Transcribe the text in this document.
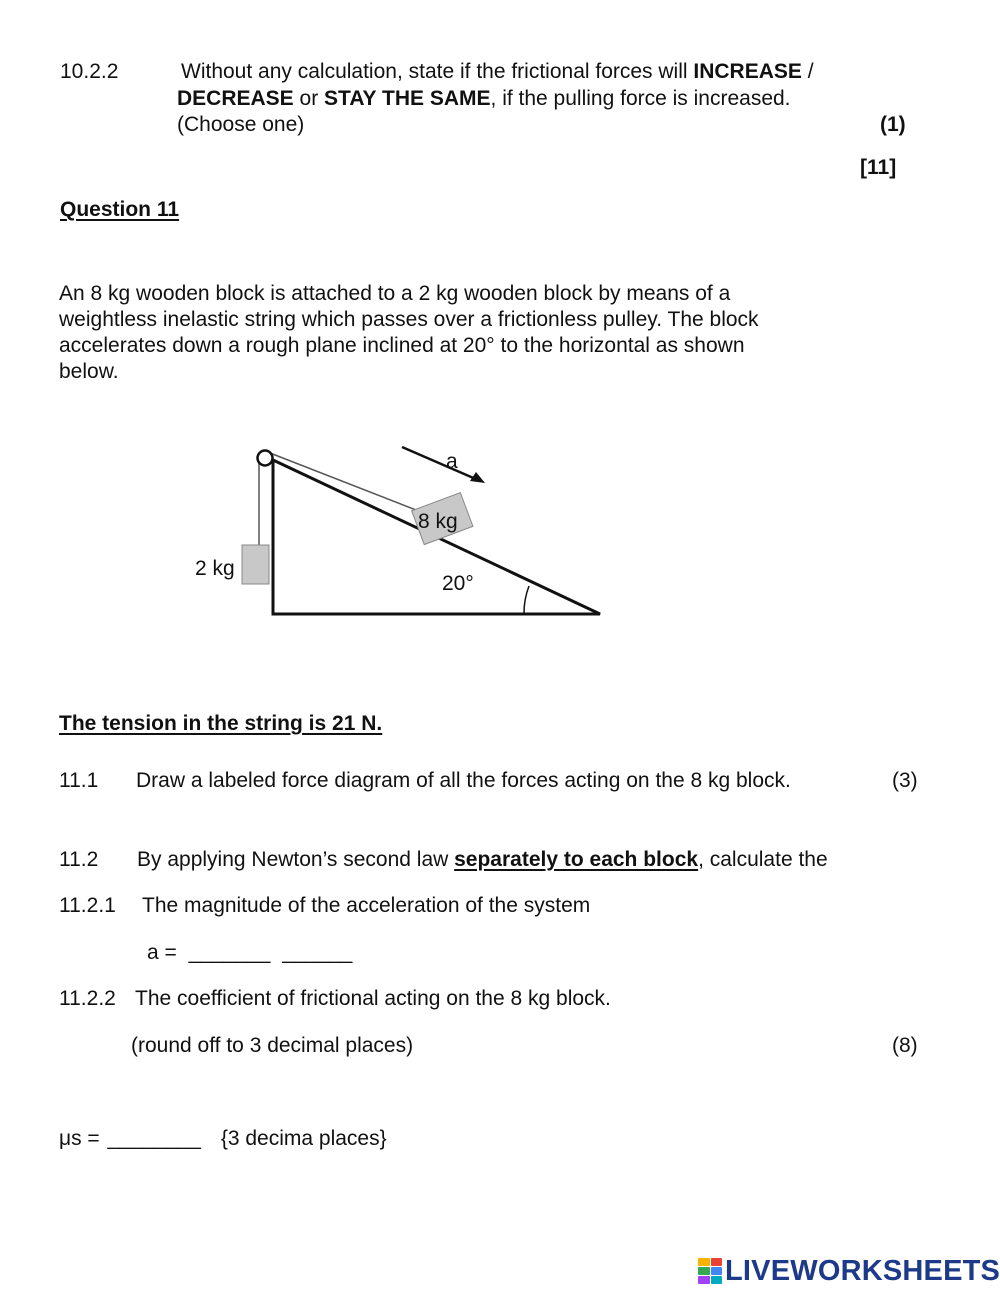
10.2.2	Without any calculation, state if the frictional forces will INCREASE /
DECREASE or STAY THE SAME, if the pulling force is increased.
(Choose one)	(1)
[11]
Question 11
An 8 kg wooden block is attached to a 2 kg wooden block by means of a
weightless inelastic string which passes over a frictionless pulley. The block
accelerates down a rough plane inclined at 20° to the horizontal as shown
below.
8 kg
2 kg
a
20°
The tension in the string is 21 N.
11.1 Draw a labeled force diagram of all the forces acting on the 8 kg block.	(3)
11.2 By applying Newton’s second law separately to each block, calculate the
11.2.1 The magnitude of the acceleration of the system
a = _______ ______
11.2.2 The coefficient of frictional acting on the 8 kg block.
(round off to 3 decimal places)	(8)
μs = ________ {3 decima places}
LIVEWORKSHEETS
